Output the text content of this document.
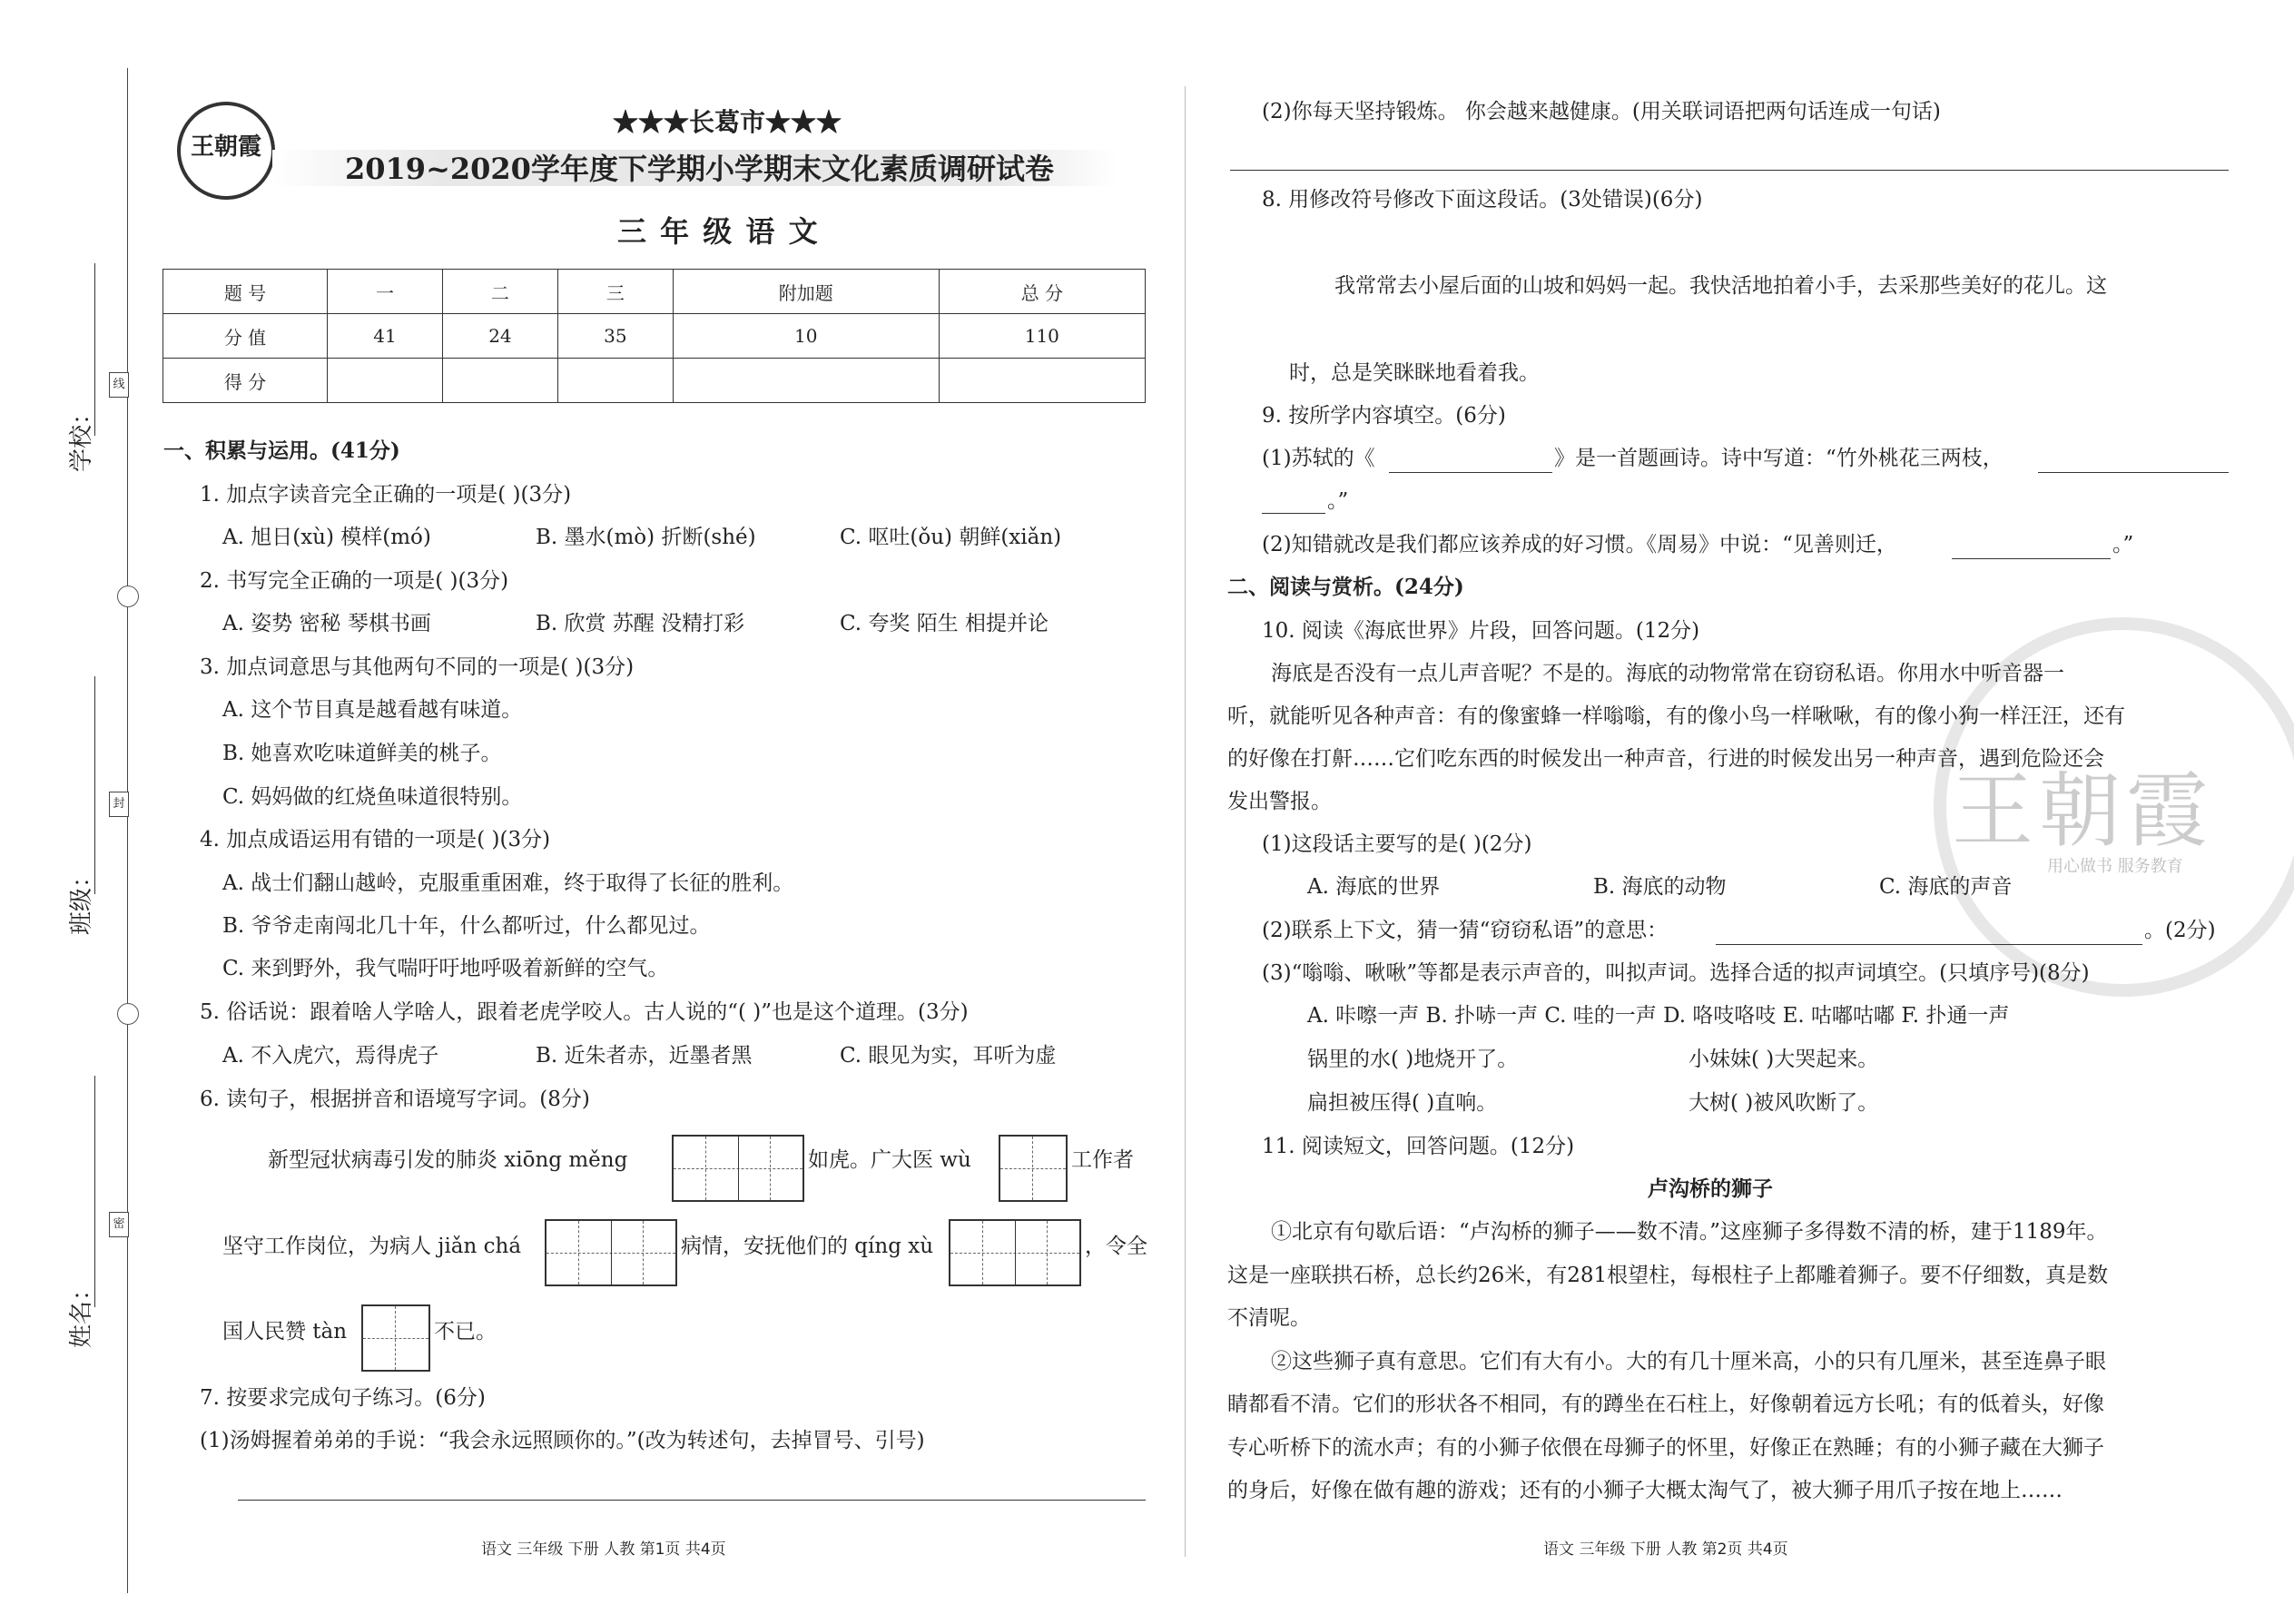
线
封
密
学校：
班级：
姓名：
王朝霞
★★★长葛市★★★
2019~2020学年度下学期小学期末文化素质调研试卷
三 年 级 语 文
题 号	一	二	三	附加题	总 分
分 值	41	24	35	10	110
得 分					
一、积累与运用。(41分)
1. 加点字读音完全正确的一项是( )(3分)
A. 旭日(xù) 模样(mó)	B. 墨水(mò) 折断(shé)	C. 呕吐(ǒu) 朝鲜(xiǎn)
2. 书写完全正确的一项是( )(3分)
A. 姿势 密秘 琴棋书画	B. 欣赏 苏醒 没精打彩	C. 夸奖 陌生 相提并论
3. 加点词意思与其他两句不同的一项是( )(3分)
A. 这个节目真是越看越有味道。
B. 她喜欢吃味道鲜美的桃子。
C. 妈妈做的红烧鱼味道很特别。
4. 加点成语运用有错的一项是( )(3分)
A. 战士们翻山越岭，克服重重困难，终于取得了长征的胜利。
B. 爷爷走南闯北几十年，什么都听过，什么都见过。
C. 来到野外，我气喘吁吁地呼吸着新鲜的空气。
5. 俗话说：跟着啥人学啥人，跟着老虎学咬人。古人说的“( )”也是这个道理。(3分)
A. 不入虎穴，焉得虎子	B. 近朱者赤，近墨者黑	C. 眼见为实，耳听为虚
6. 读句子，根据拼音和语境写字词。(8分)
新型冠状病毒引发的肺炎 xiōng měng	如虎。广大医 wù	工作者
坚守工作岗位，为病人 jiǎn chá	病情，安抚他们的 qíng xù	，令全
国人民赞 tàn	不已。
7. 按要求完成句子练习。(6分)
(1)汤姆握着弟弟的手说：“我会永远照顾你的。”(改为转述句，去掉冒号、引号)
语文 三年级 下册 人教 第1页 共4页
王朝霞
用心做书 服务教育
(2)你每天坚持锻炼。 你会越来越健康。(用关联词语把两句话连成一句话)
8. 用修改符号修改下面这段话。(3处错误)(6分)
我常常去小屋后面的山坡和妈妈一起。我快活地拍着小手，去采那些美好的花儿。这
时，总是笑眯眯地看着我。
9. 按所学内容填空。(6分)
(1)苏轼的《	》是一首题画诗。诗中写道：“竹外桃花三两枝，
。”
(2)知错就改是我们都应该养成的好习惯。《周易》中说：“见善则迁，	。”
二、阅读与赏析。(24分)
10. 阅读《海底世界》片段，回答问题。(12分)
海底是否没有一点儿声音呢？不是的。海底的动物常常在窃窃私语。你用水中听音器一
听，就能听见各种声音：有的像蜜蜂一样嗡嗡，有的像小鸟一样啾啾，有的像小狗一样汪汪，还有
的好像在打鼾……它们吃东西的时候发出一种声音，行进的时候发出另一种声音，遇到危险还会
发出警报。
(1)这段话主要写的是( )(2分)
A. 海底的世界	B. 海底的动物	C. 海底的声音
(2)联系上下文，猜一猜“窃窃私语”的意思：	。(2分)
(3)“嗡嗡、啾啾”等都是表示声音的，叫拟声词。选择合适的拟声词填空。(只填序号)(8分)
A. 咔嚓一声 B. 扑哧一声 C. 哇的一声 D. 咯吱咯吱 E. 咕嘟咕嘟 F. 扑通一声
锅里的水( )地烧开了。	小妹妹( )大哭起来。
扁担被压得( )直响。	大树( )被风吹断了。
11. 阅读短文，回答问题。(12分)
卢沟桥的狮子
①北京有句歇后语：“卢沟桥的狮子——数不清。”这座狮子多得数不清的桥，建于1189年。
这是一座联拱石桥，总长约26米，有281根望柱，每根柱子上都雕着狮子。要不仔细数，真是数
不清呢。
②这些狮子真有意思。它们有大有小。大的有几十厘米高，小的只有几厘米，甚至连鼻子眼
睛都看不清。它们的形状各不相同，有的蹲坐在石柱上，好像朝着远方长吼；有的低着头，好像
专心听桥下的流水声；有的小狮子依偎在母狮子的怀里，好像正在熟睡；有的小狮子藏在大狮子
的身后，好像在做有趣的游戏；还有的小狮子大概太淘气了，被大狮子用爪子按在地上……
语文 三年级 下册 人教 第2页 共4页
